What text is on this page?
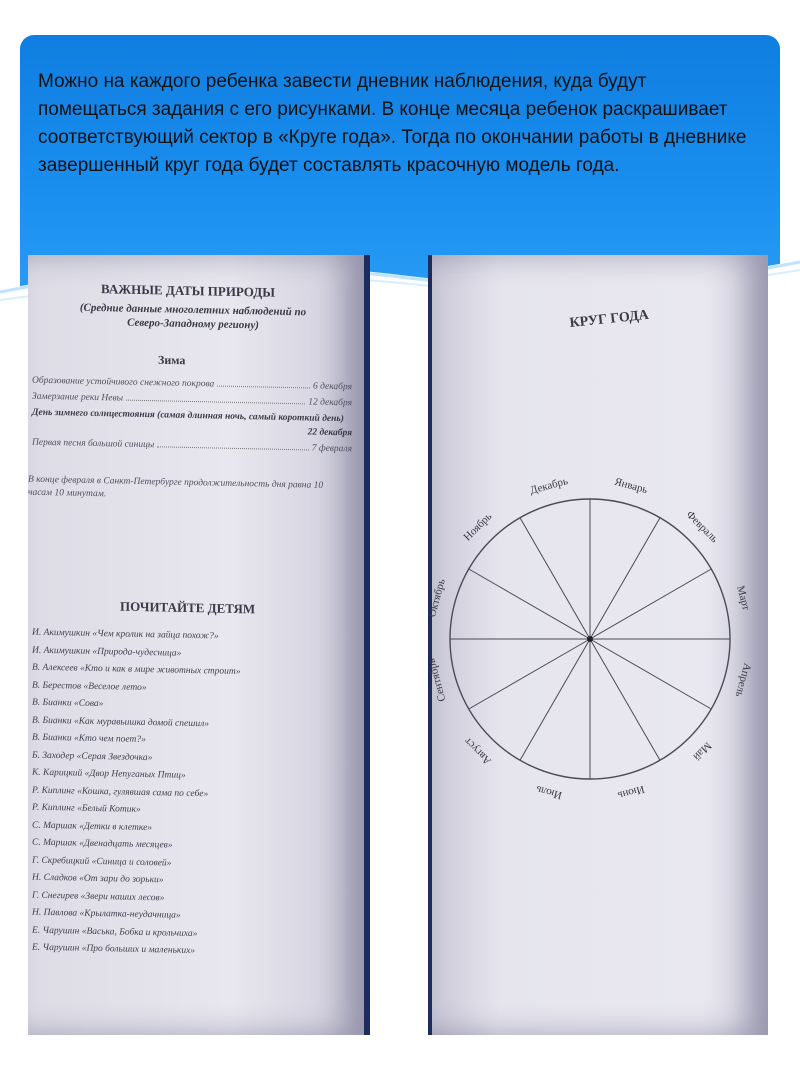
Можно на каждого ребенка завести дневник наблюдения, куда будут помещаться задания с его рисунками. В конце месяца ребенок раскрашивает соответствующий сектор в «Круге года». Тогда по окончании работы в дневнике завершенный круг года будет составлять красочную модель года.
ВАЖНЫЕ ДАТЫ ПРИРОДЫ
(Средние данные многолетних наблюдений по Северо-Западному региону)
Зима
Образование устойчивого снежного покрова	6 декабря
Замерзание реки Невы	12 декабря
День зимнего солнцестояния (самая длинная ночь, самый короткий день)
22 декабря
Первая песня большой синицы	7 февраля
В конце февраля в Санкт-Петербурге продолжительность дня равна 10 часам 10 минутам.
ПОЧИТАЙТЕ ДЕТЯМ
И. Акимушкин «Чем кролик на зайца похож?»
И. Акимушкин «Природа-чудесница»
В. Алексеев «Кто и как в мире животных строит»
В. Берестов «Веселое лето»
В. Бианки «Сова»
В. Бианки «Как муравьишка домой спешил»
В. Бианки «Кто чем поет?»
Б. Заходер «Серая Звездочка»
К. Карицкий «Двор Непуганых Птиц»
Р. Киплинг «Кошка, гулявшая сама по себе»
Р. Киплинг «Белый Котик»
С. Маршак «Детки в клетке»
С. Маршак «Двенадцать месяцев»
Г. Скребицкий «Синица и соловей»
Н. Сладков «От зари до зорьки»
Г. Снегирев «Звери наших лесов»
Н. Павлова «Крылатка-неудачница»
Е. Чарушин «Васька, Бобка и крольчиха»
Е. Чарушин «Про больших и маленьких»
КРУГ ГОДА
Январь
Февраль
Март
Апрель
Май
Июнь
Июль
Август
Сентябрь
Октябрь
Ноябрь
Декабрь
